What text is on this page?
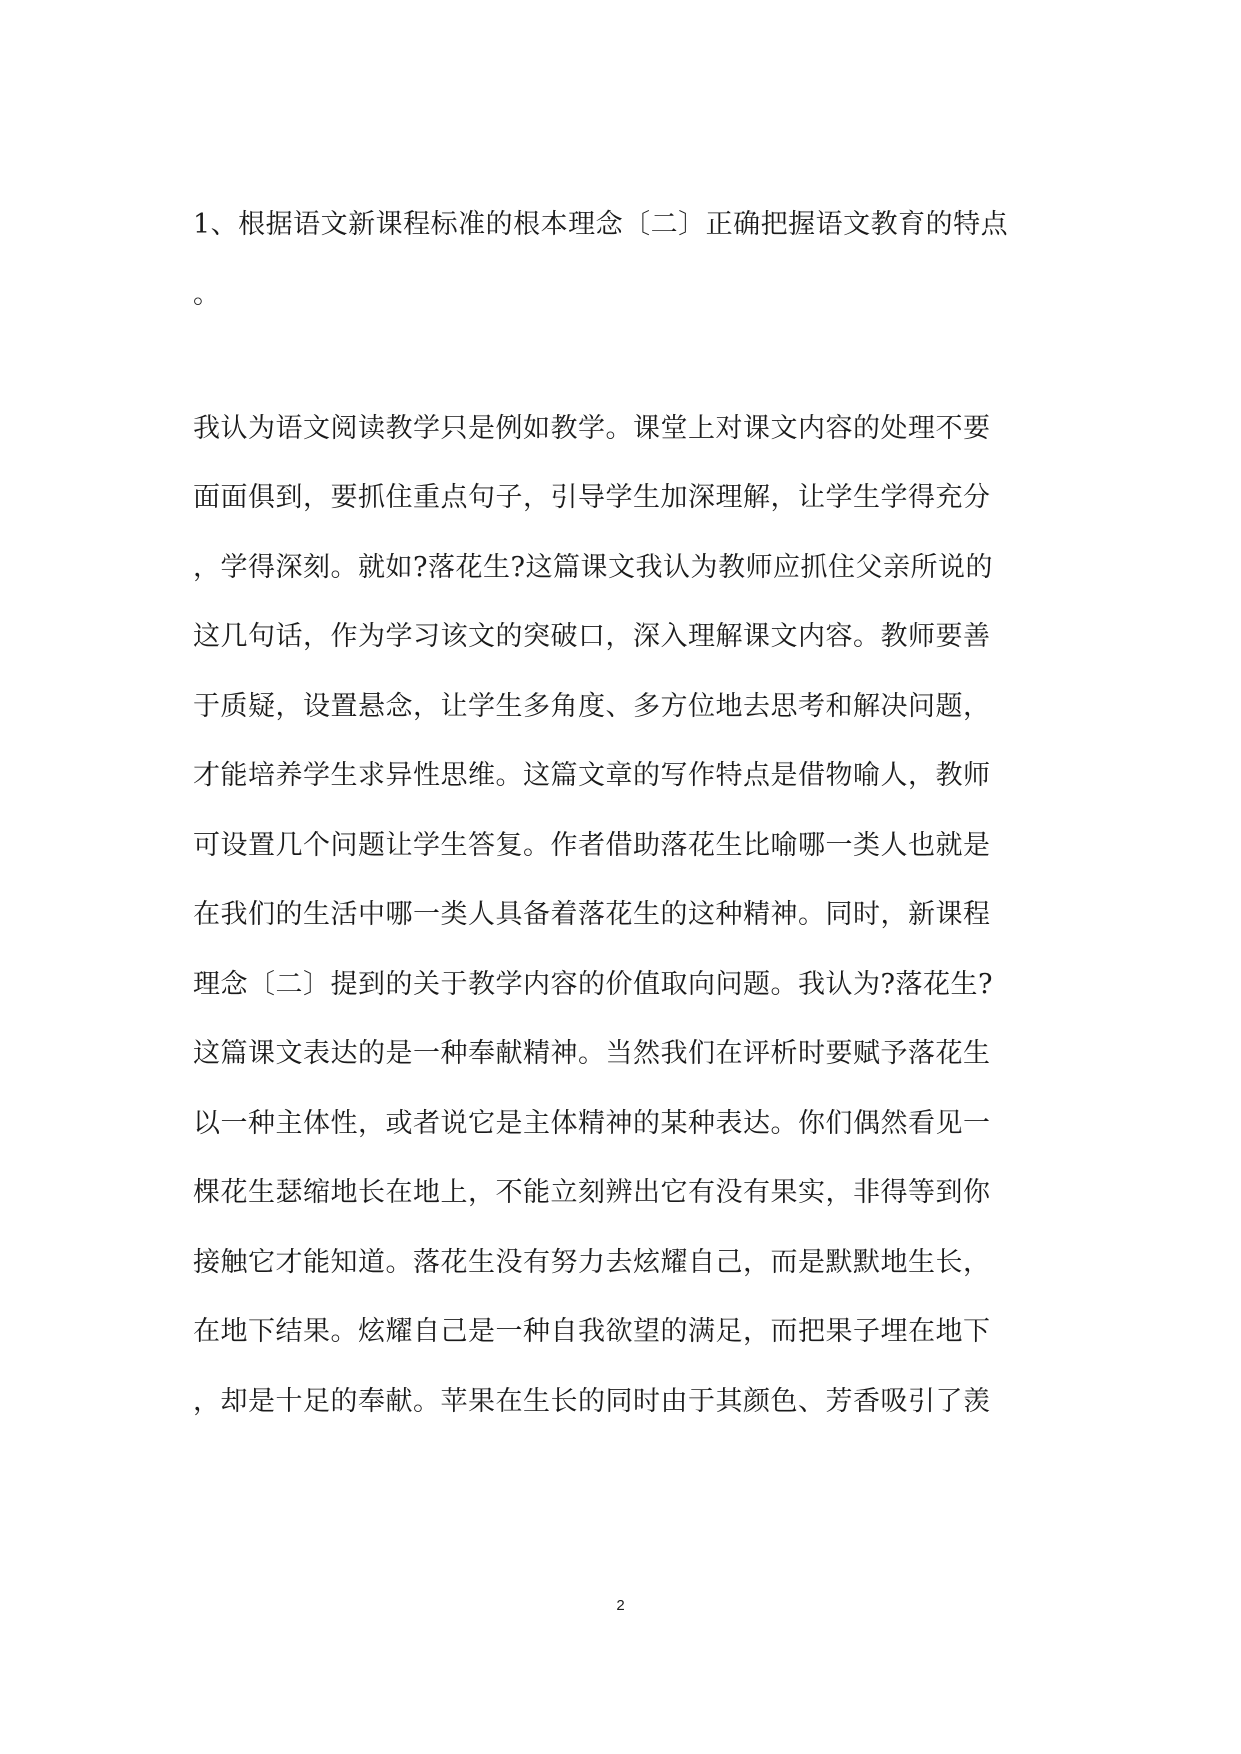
1、根据语文新课程标准的根本理念〔二〕正确把握语文教育的特点
。
我认为语文阅读教学只是例如教学。课堂上对课文内容的处理不要
面面俱到，要抓住重点句子，引导学生加深理解，让学生学得充分
，学得深刻。就如?落花生?这篇课文我认为教师应抓住父亲所说的
这几句话，作为学习该文的突破口，深入理解课文内容。教师要善
于质疑，设置悬念，让学生多角度、多方位地去思考和解决问题，
才能培养学生求异性思维。这篇文章的写作特点是借物喻人，教师
可设置几个问题让学生答复。作者借助落花生比喻哪一类人也就是
在我们的生活中哪一类人具备着落花生的这种精神。同时，新课程
理念〔二〕提到的关于教学内容的价值取向问题。我认为?落花生?
这篇课文表达的是一种奉献精神。当然我们在评析时要赋予落花生
以一种主体性，或者说它是主体精神的某种表达。你们偶然看见一
棵花生瑟缩地长在地上，不能立刻辨出它有没有果实，非得等到你
接触它才能知道。落花生没有努力去炫耀自己，而是默默地生长，
在地下结果。炫耀自己是一种自我欲望的满足，而把果子埋在地下
，却是十足的奉献。苹果在生长的同时由于其颜色、芳香吸引了羡
2
